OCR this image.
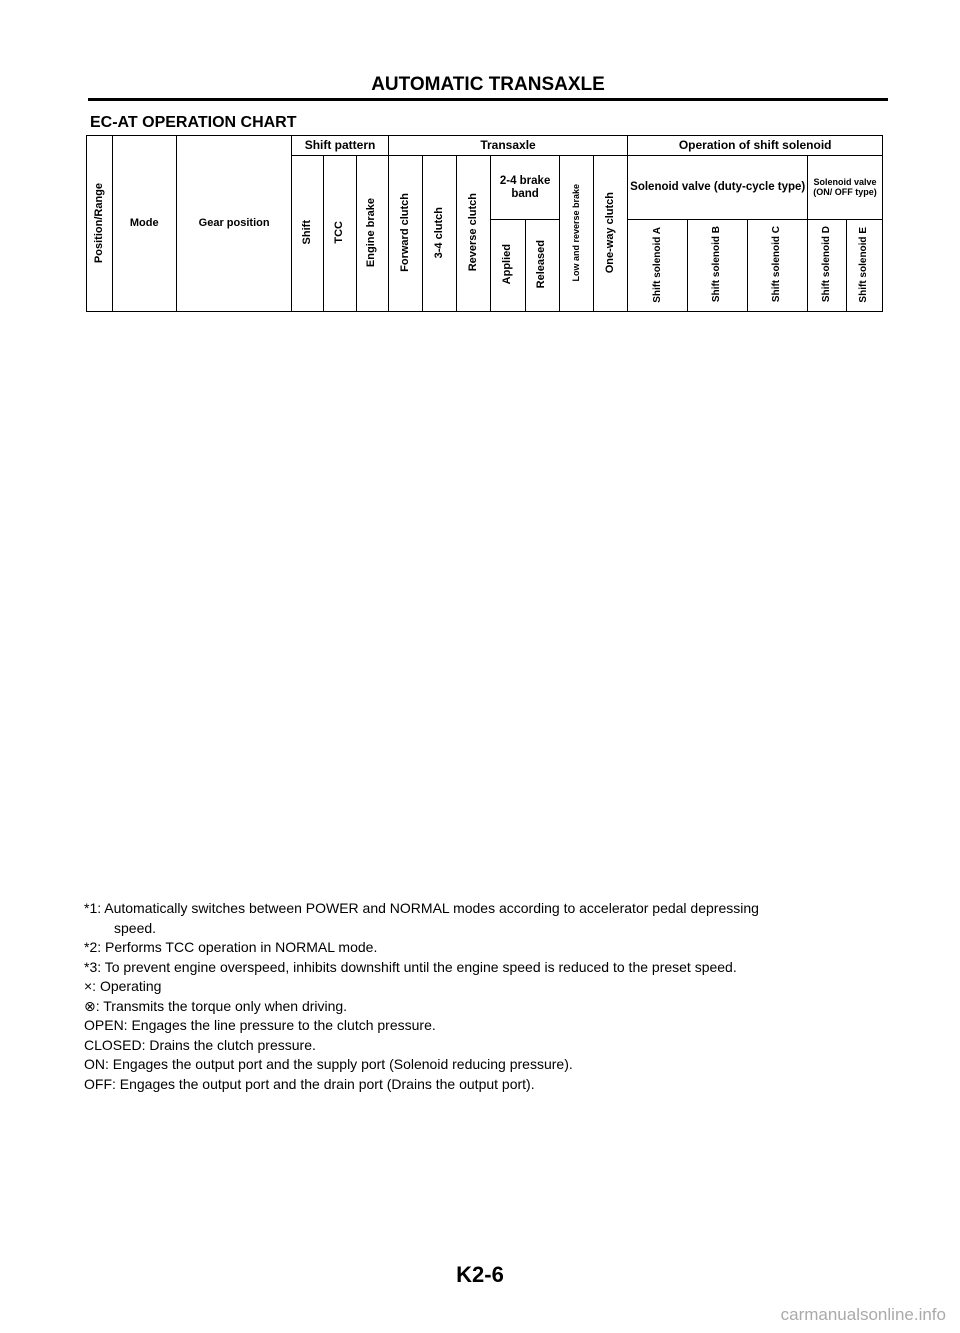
AUTOMATIC TRANSAXLE
EC-AT OPERATION CHART
Position/Range	Mode	Gear position	Shift pattern			Transaxle							Operation of shift solenoid				
			Shift	TCC	Engine brake	Forward clutch	3-4 clutch	Reverse clutch	2-4 brake band		Low and reverse brake	One-way clutch	Solenoid valve (duty-cycle type)			Solenoid valve (ON/ OFF type)	
									Applied	Released			Shift solenoid A	Shift solenoid B	Shift solenoid C	Shift solenoid D	Shift solenoid E
*1: Automatically switches between POWER and NORMAL modes according to accelerator pedal depressing
speed.
*2: Performs TCC operation in NORMAL mode.
*3: To prevent engine overspeed, inhibits downshift until the engine speed is reduced to the preset speed.
×: Operating
⊗: Transmits the torque only when driving.
OPEN: Engages the line pressure to the clutch pressure.
CLOSED: Drains the clutch pressure.
ON: Engages the output port and the supply port (Solenoid reducing pressure).
OFF: Engages the output port and the drain port (Drains the output port).
K2-6
carmanualsonline.info
